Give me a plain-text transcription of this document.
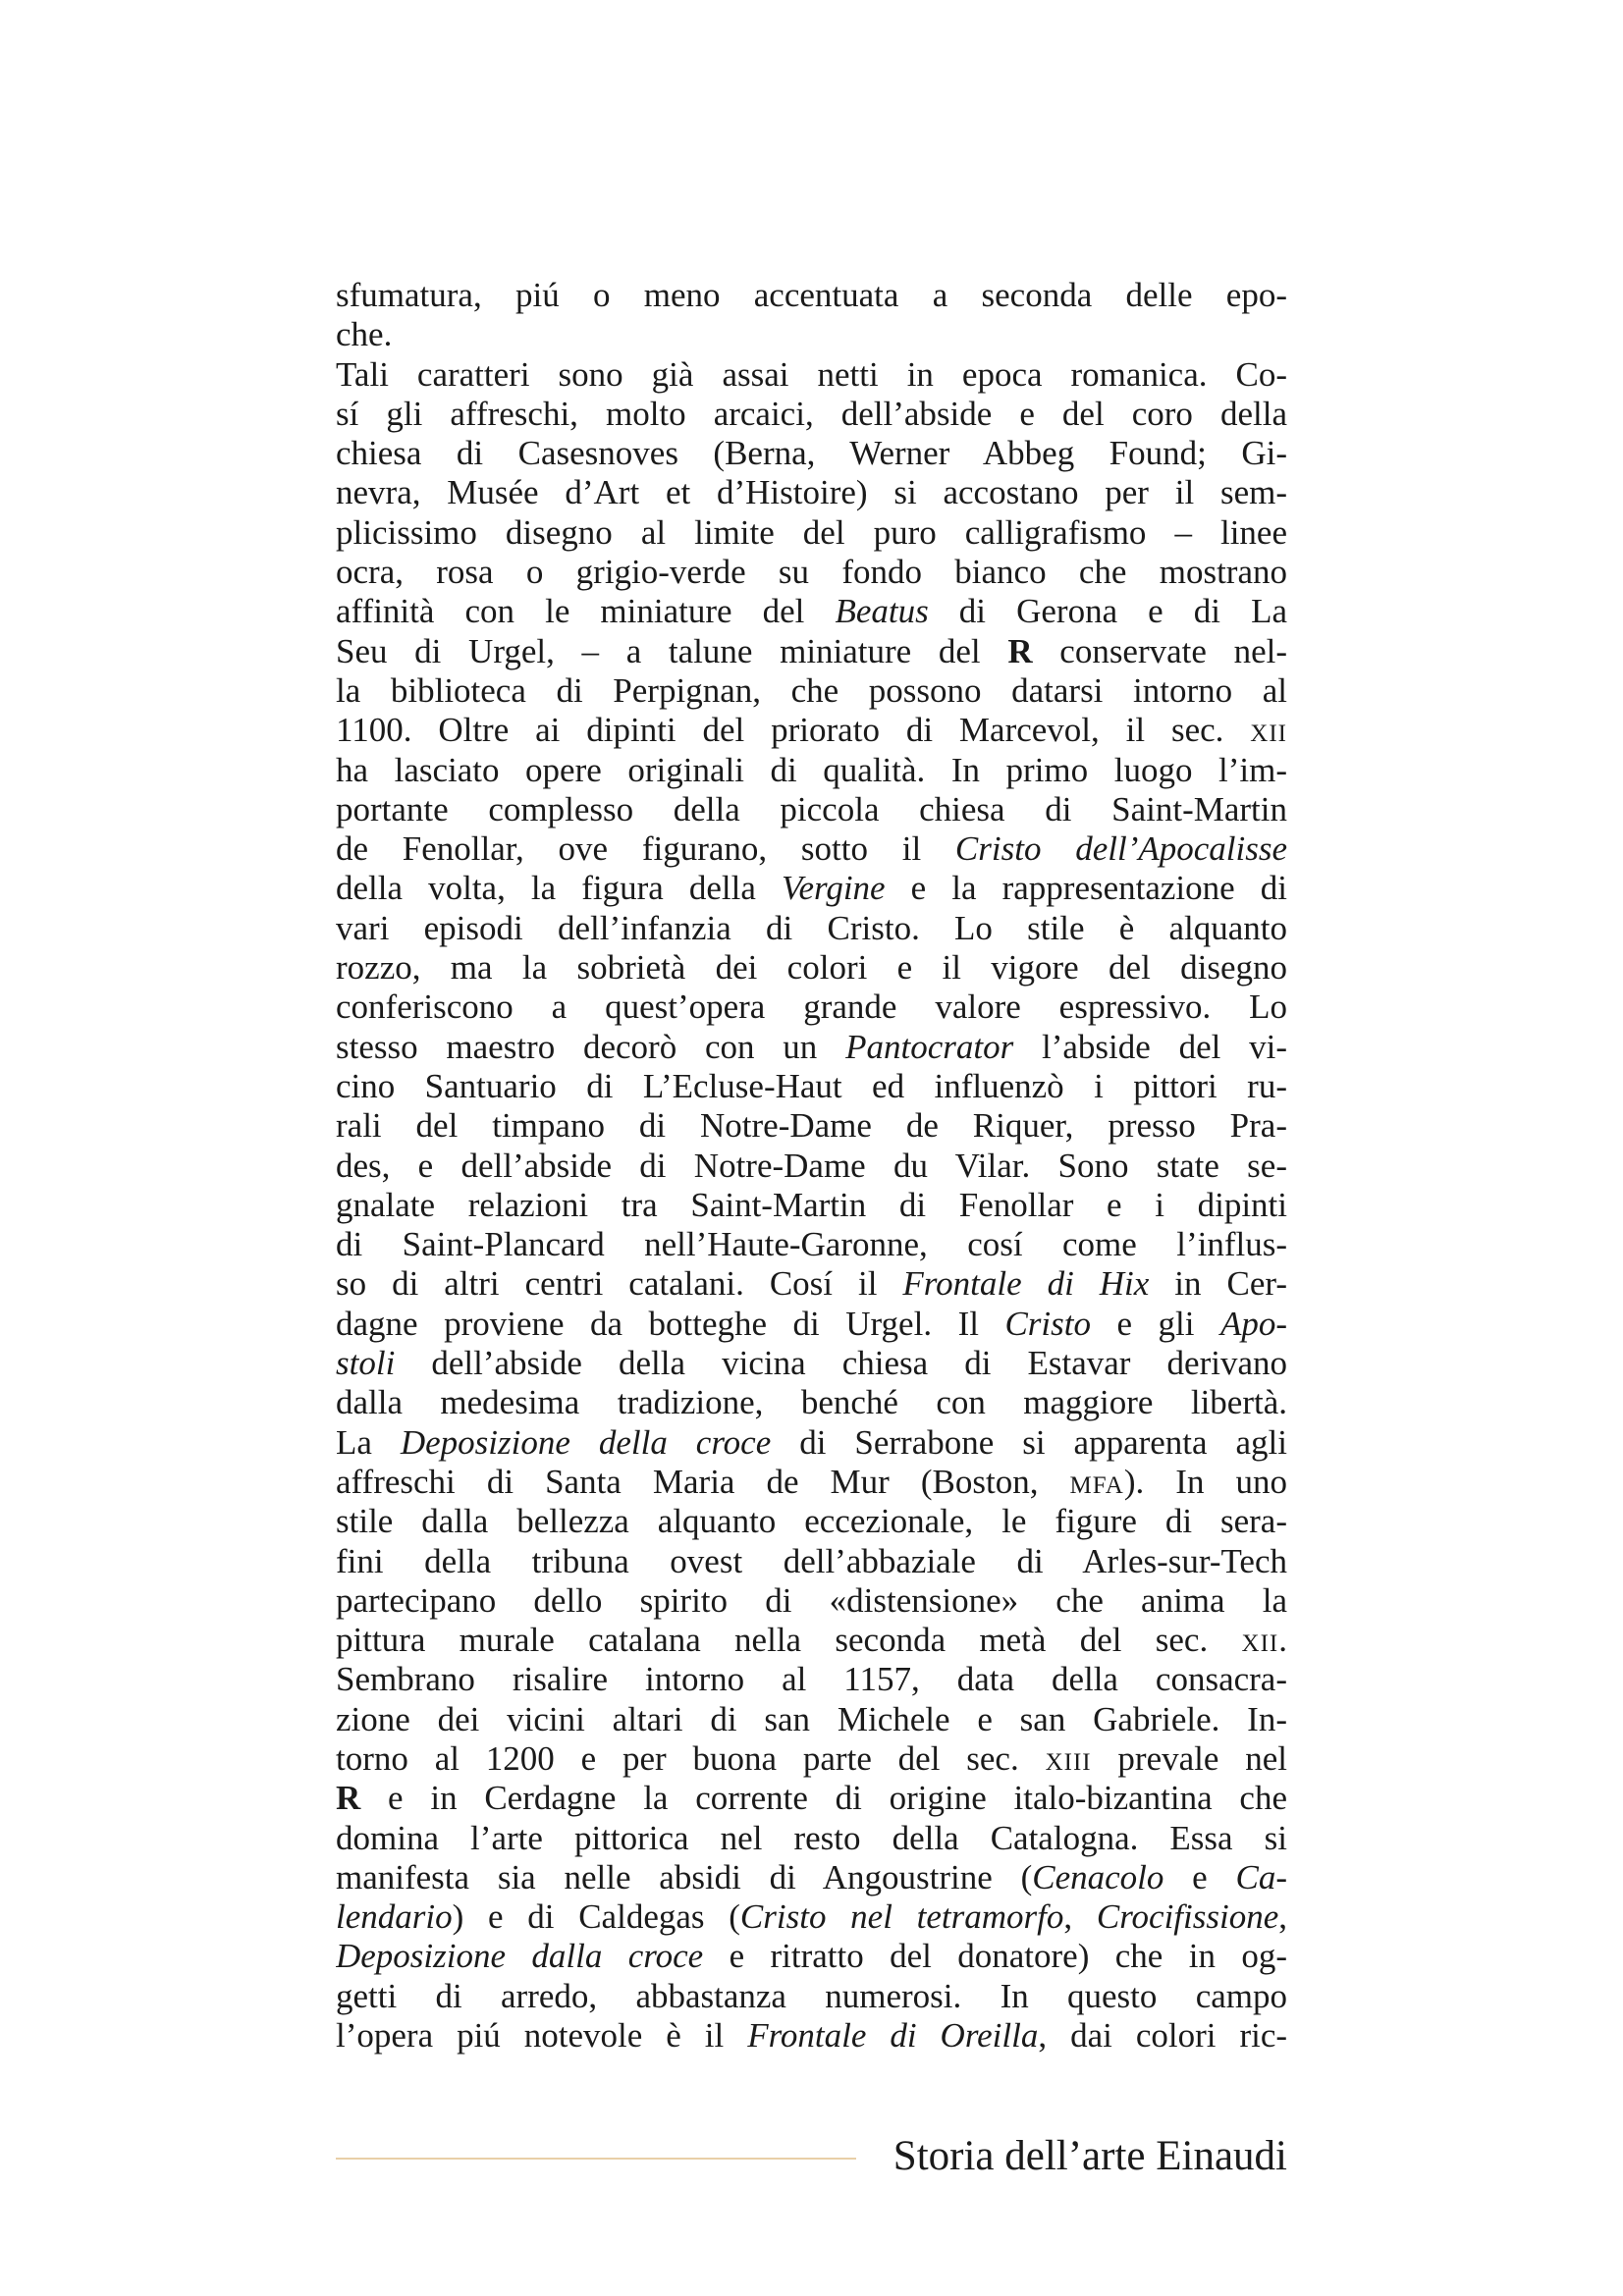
sfumatura, piú o meno accentuata a seconda delle epo-
che.
Tali caratteri sono già assai netti in epoca romanica. Co-
sí gli affreschi, molto arcaici, dell’abside e del coro della
chiesa di Casesnoves (Berna, Werner Abbeg Found; Gi-
nevra, Musée d’Art et d’Histoire) si accostano per il sem-
plicissimo disegno al limite del puro calligrafismo – linee
ocra, rosa o grigio-verde su fondo bianco che mostrano
affinità con le miniature del Beatus di Gerona e di La
Seu di Urgel, – a talune miniature del R conservate nel-
la biblioteca di Perpignan, che possono datarsi intorno al
1100. Oltre ai dipinti del priorato di Marcevol, il sec. xii
ha lasciato opere originali di qualità. In primo luogo l’im-
portante complesso della piccola chiesa di Saint-Martin
de Fenollar, ove figurano, sotto il Cristo dell’Apocalisse
della volta, la figura della Vergine e la rappresentazione di
vari episodi dell’infanzia di Cristo. Lo stile è alquanto
rozzo, ma la sobrietà dei colori e il vigore del disegno
conferiscono a quest’opera grande valore espressivo. Lo
stesso maestro decorò con un Pantocrator l’abside del vi-
cino Santuario di L’Ecluse-Haut ed influenzò i pittori ru-
rali del timpano di Notre-Dame de Riquer, presso Pra-
des, e dell’abside di Notre-Dame du Vilar. Sono state se-
gnalate relazioni tra Saint-Martin di Fenollar e i dipinti
di Saint-Plancard nell’Haute-Garonne, cosí come l’influs-
so di altri centri catalani. Cosí il Frontale di Hix in Cer-
dagne proviene da botteghe di Urgel. Il Cristo e gli Apo-
stoli dell’abside della vicina chiesa di Estavar derivano
dalla medesima tradizione, benché con maggiore libertà.
La Deposizione della croce di Serrabone si apparenta agli
affreschi di Santa Maria de Mur (Boston, mfa). In uno
stile dalla bellezza alquanto eccezionale, le figure di sera-
fini della tribuna ovest dell’abbaziale di Arles-sur-Tech
partecipano dello spirito di «distensione» che anima la
pittura murale catalana nella seconda metà del sec. xii.
Sembrano risalire intorno al 1157, data della consacra-
zione dei vicini altari di san Michele e san Gabriele. In-
torno al 1200 e per buona parte del sec. xiii prevale nel
R e in Cerdagne la corrente di origine italo-bizantina che
domina l’arte pittorica nel resto della Catalogna. Essa si
manifesta sia nelle absidi di Angoustrine (Cenacolo e Ca-
lendario) e di Caldegas (Cristo nel tetramorfo, Crocifissione,
Deposizione dalla croce e ritratto del donatore) che in og-
getti di arredo, abbastanza numerosi. In questo campo
l’opera piú notevole è il Frontale di Oreilla, dai colori ric-
Storia dell’arte Einaudi
